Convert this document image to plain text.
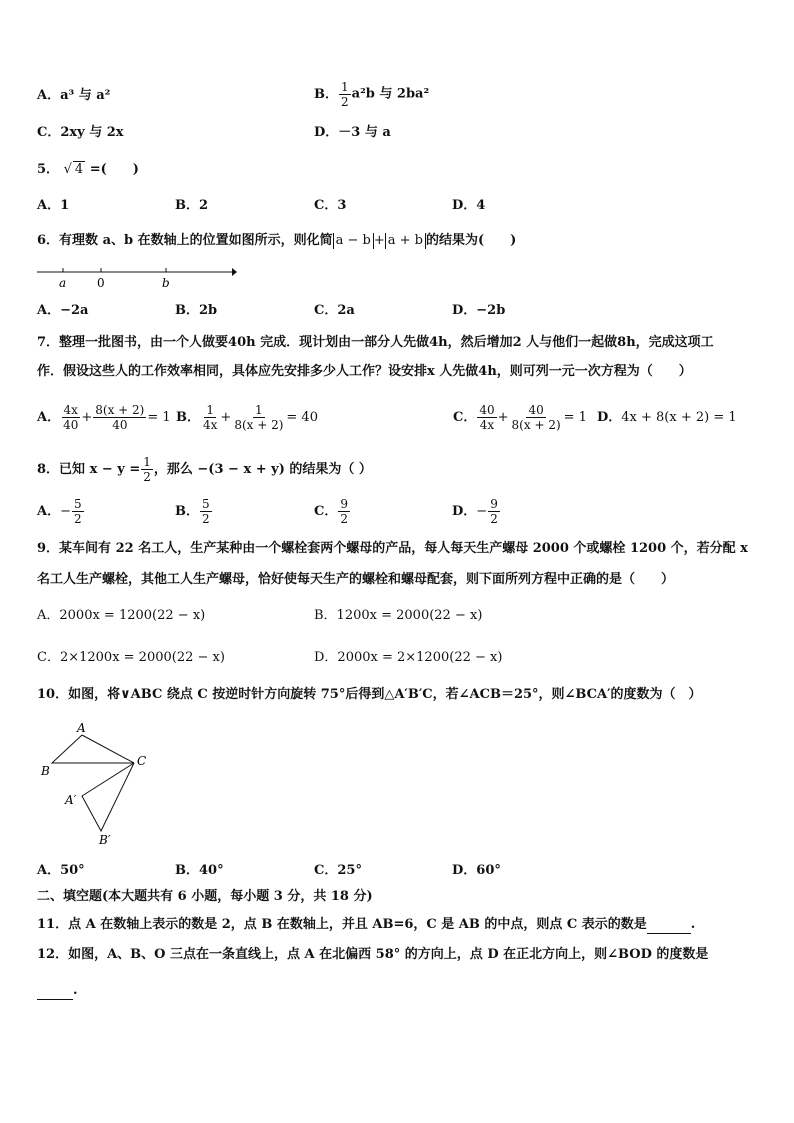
A．a³ 与 a²	B． $\frac{1}{2} a^2b$ 与 2ba²
C．2xy 与 2x	D．－3 与 a
5． √ 4 =(　　)
A．1	B．2	C．3	D．4
6．有理数 a、b 在数轴上的位置如图所示，则化简 a − b + a + b 的结果为(　　)
a	0	b
A．−2a	B．2b	C．2a	D．−2b
7．整理一批图书，由一个人做要40h 完成．现计划由一部分人先做4h，然后增加2 人与他们一起做8h，完成这项工
作．假设这些人的工作效率相同，具体应先安排多少人工作？设安排x 人先做4h，则可列一元一次方程为（　　）
A． $\frac{4x}{40} + \frac{8(x + 2)}{40} = 1$ B． $\frac{1}{4x} + \frac{1}{8(x + 2)} = 40$	C． $\frac{40}{4x} + \frac{40}{8(x + 2)} = 1$ D．4x + 8(x + 2) = 1
8．已知 $x - y = \frac{1}{2}$ ，那么 −(3 − x + y) 的结果为（ ）
A．− $\frac{5}{2}$	B． $\frac{5}{2}$	C． $\frac{9}{2}$	D．− $\frac{9}{2}$
9．某车间有 22 名工人，生产某种由一个螺栓套两个螺母的产品，每人每天生产螺母 2000 个或螺栓 1200 个，若分配 x
名工人生产螺栓，其他工人生产螺母，恰好使每天生产的螺栓和螺母配套，则下面所列方程中正确的是（　　）
A．2000x = 1200(22 − x)	B．1200x = 2000(22 − x)
C．2×1200x = 2000(22 − x)	D．2000x = 2×1200(22 − x)
10．如图，将∨ABC 绕点 C 按逆时针方向旋转 75°后得到△A′B′C，若∠ACB＝25°，则∠BCA′的度数为（　）
A
B
C
A′
B′
A．50°	B．40°	C．25°	D．60°
二、填空题(本大题共有 6 小题，每小题 3 分，共 18 分)
11．点 A 在数轴上表示的数是 2，点 B 在数轴上，并且 AB=6，C 是 AB 的中点，则点 C 表示的数是	.
12．如图，A、B、O 三点在一条直线上，点 A 在北偏西 58° 的方向上，点 D 在正北方向上，则∠BOD 的度数是
.
